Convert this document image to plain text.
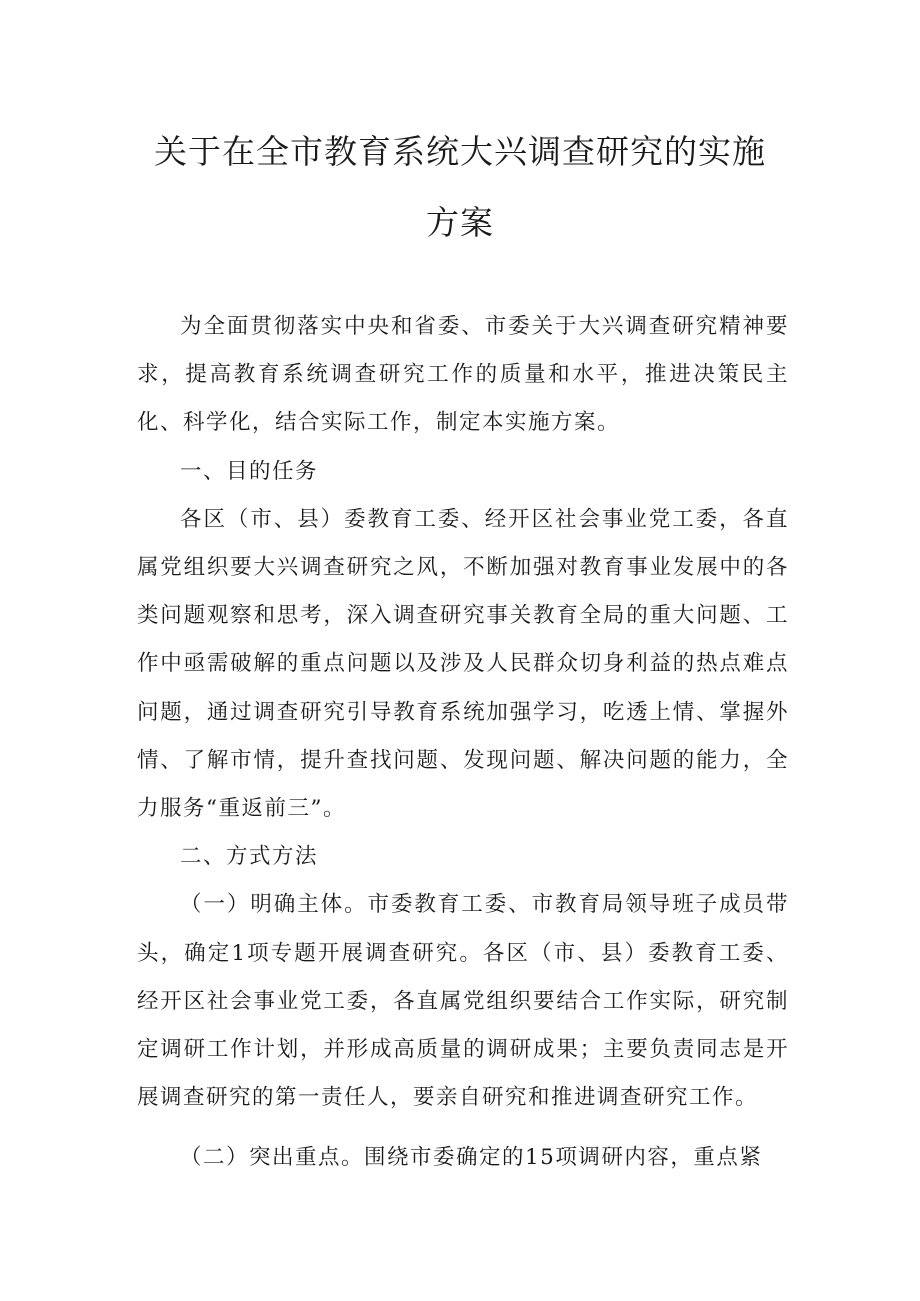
关于在全市教育系统大兴调查研究的实施
方案

为全面贯彻落实中央和省委、市委关于大兴调查研究精神要求，提高教育系统调查研究工作的质量和水平，推进决策民主化、科学化，结合实际工作，制定本实施方案。

一、目的任务

各区（市、县）委教育工委、经开区社会事业党工委，各直属党组织要大兴调查研究之风，不断加强对教育事业发展中的各类问题观察和思考，深入调查研究事关教育全局的重大问题、工作中亟需破解的重点问题以及涉及人民群众切身利益的热点难点问题，通过调查研究引导教育系统加强学习，吃透上情、掌握外情、了解市情，提升查找问题、发现问题、解决问题的能力，全力服务“重返前三”。

二、方式方法

（一）明确主体。市委教育工委、市教育局领导班子成员带头，确定1项专题开展调查研究。各区（市、县）委教育工委、经开区社会事业党工委，各直属党组织要结合工作实际，研究制定调研工作计划，并形成高质量的调研成果；主要负责同志是开展调查研究的第一责任人，要亲自研究和推进调查研究工作。

（二）突出重点。围绕市委确定的15项调研内容，重点紧
